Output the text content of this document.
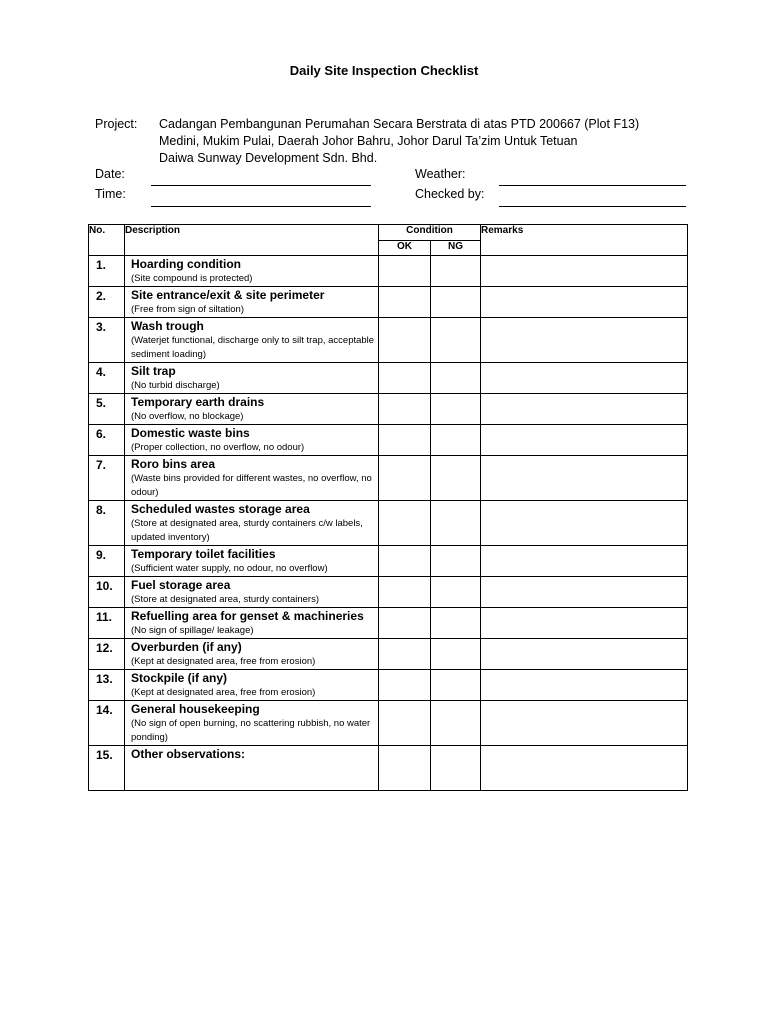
Daily Site Inspection Checklist
Project: Cadangan Pembangunan Perumahan Secara Berstrata di atas PTD 200667 (Plot F13)
Medini, Mukim Pulai, Daerah Johor Bahru, Johor Darul Ta’zim Untuk Tetuan
Daiwa Sunway Development Sdn. Bhd.
Date:
Time:
Weather:
Checked by:
No.	Description	Condition		Remarks
		OK	NG	
1.	Hoarding condition
(Site compound is protected)			

2.	Site entrance/exit & site perimeter
(Free from sign of siltation)			

3.	Wash trough
(Waterjet functional, discharge only to silt trap, acceptable sediment loading)			

4.	Silt trap
(No turbid discharge)			

5.	Temporary earth drains
(No overflow, no blockage)			

6.	Domestic waste bins
(Proper collection, no overflow, no odour)			

7.	Roro bins area
(Waste bins provided for different wastes, no overflow, no odour)			

8.	Scheduled wastes storage area
(Store at designated area, sturdy containers c/w labels, updated inventory)			

9.	Temporary toilet facilities
(Sufficient water supply, no odour, no overflow)			

10.	Fuel storage area
(Store at designated area, sturdy containers)			

11.	Refuelling area for genset & machineries
(No sign of spillage/ leakage)			

12.	Overburden (if any)
(Kept at designated area, free from erosion)			

13.	Stockpile (if any)
(Kept at designated area, free from erosion)			

14.	General housekeeping
(No sign of open burning, no scattering rubbish, no water ponding)			

15.	Other observations:			
